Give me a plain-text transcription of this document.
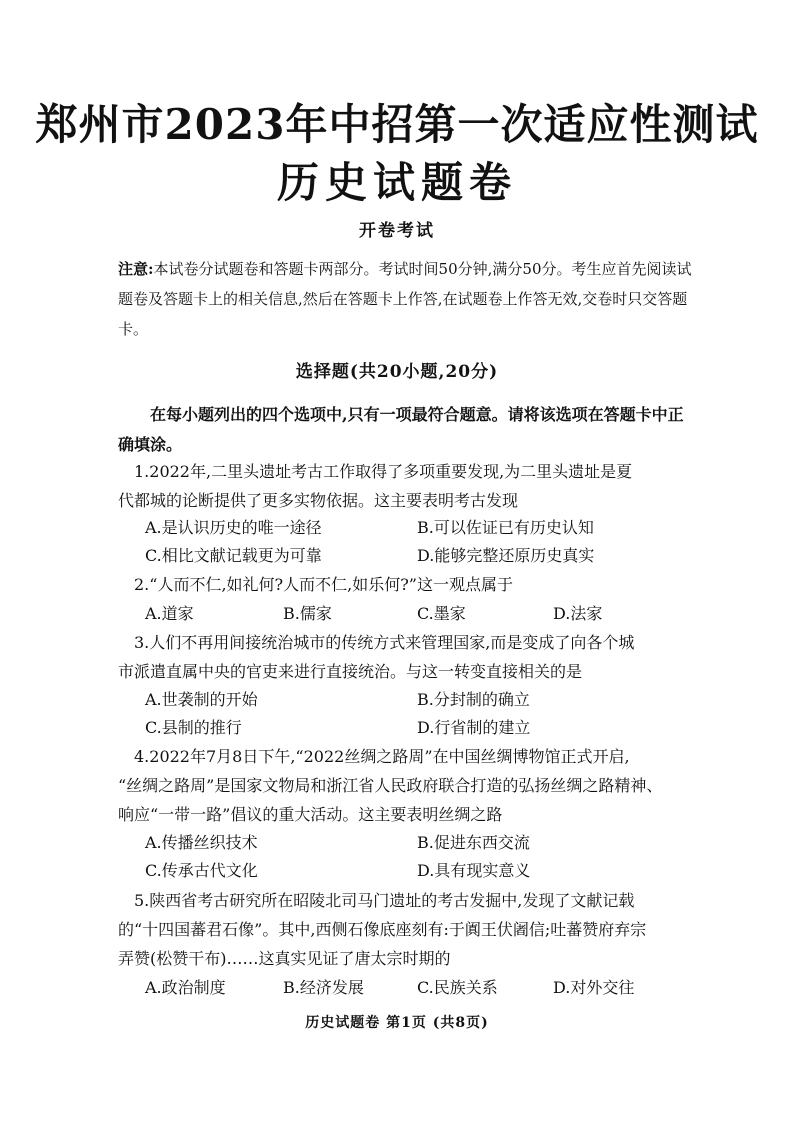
郑州市2023年中招第一次适应性测试
历史试题卷
开卷考试
注意:本试卷分试题卷和答题卡两部分。考试时间50分钟,满分50分。考生应首先阅读试题卷及答题卡上的相关信息,然后在答题卡上作答,在试题卷上作答无效,交卷时只交答题卡。
选择题(共20小题,20分)
在每小题列出的四个选项中,只有一项最符合题意。请将该选项在答题卡中正确填涂。
1.2022年,二里头遗址考古工作取得了多项重要发现,为二里头遗址是夏
代都城的论断提供了更多实物依据。这主要表明考古发现
A.是认识历史的唯一途径	B.可以佐证已有历史认知
C.相比文献记载更为可靠	D.能够完整还原历史真实
2.“人而不仁,如礼何?人而不仁,如乐何?”这一观点属于
A.道家	B.儒家	C.墨家	D.法家
3.人们不再用间接统治城市的传统方式来管理国家,而是变成了向各个城
市派遣直属中央的官吏来进行直接统治。与这一转变直接相关的是
A.世袭制的开始	B.分封制的确立
C.县制的推行	D.行省制的建立
4.2022年7月8日下午,“2022丝绸之路周”在中国丝绸博物馆正式开启,
“丝绸之路周”是国家文物局和浙江省人民政府联合打造的弘扬丝绸之路精神、
响应“一带一路”倡议的重大活动。这主要表明丝绸之路
A.传播丝织技术	B.促进东西交流
C.传承古代文化	D.具有现实意义
5.陕西省考古研究所在昭陵北司马门遗址的考古发掘中,发现了文献记载
的“十四国蕃君石像”。其中,西侧石像底座刻有:于阗王伏阇信;吐蕃赞府弃宗
弄赞(松赞干布)……这真实见证了唐太宗时期的
A.政治制度	B.经济发展	C.民族关系	D.对外交往
历史试题卷 第1页 (共8页)
